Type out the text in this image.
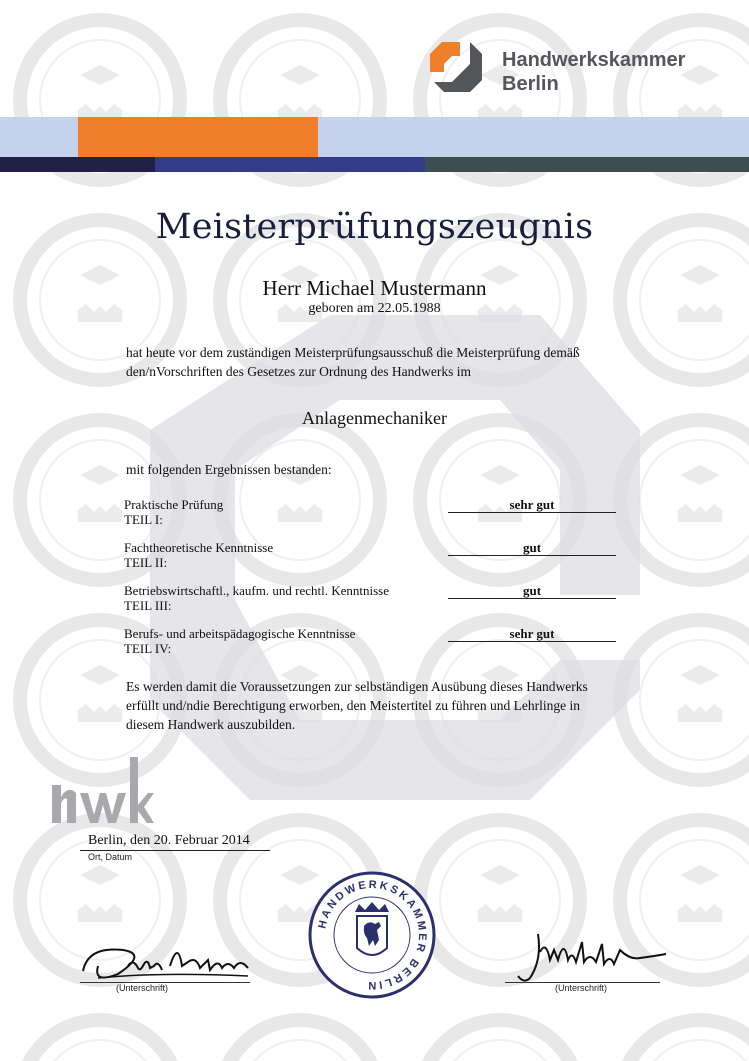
Handwerkskammer
Berlin
Meisterprüfungszeugnis
Herr Michael Mustermann
geboren am 22.05.1988
hat heute vor dem zuständigen Meisterprüfungsausschuß die Meisterprüfung demäß
den/nVorschriften des Gesetzes zur Ordnung des Handwerks im
Anlagenmechaniker
mit folgenden Ergebnissen bestanden:
Praktische Prüfung
TEIL I:
sehr gut
Fachtheoretische Kenntnisse
TEIL II:
gut
Betriebswirtschaftl., kaufm. und rechtl. Kenntnisse
TEIL III:
gut
Berufs- und arbeitspädagogische Kenntnisse
TEIL IV:
sehr gut
Es werden damit die Voraussetzungen zur selbständigen Ausübung dieses Handwerks
erfüllt und/ndie Berechtigung erworben, den Meistertitel zu führen und Lehrlinge in
diesem Handwerk auszubilden.
Berlin, den 20. Februar 2014
Ort, Datum
(Unterschrift)
HANDWERKSKAMMER BERLIN	(Unterschrift)
